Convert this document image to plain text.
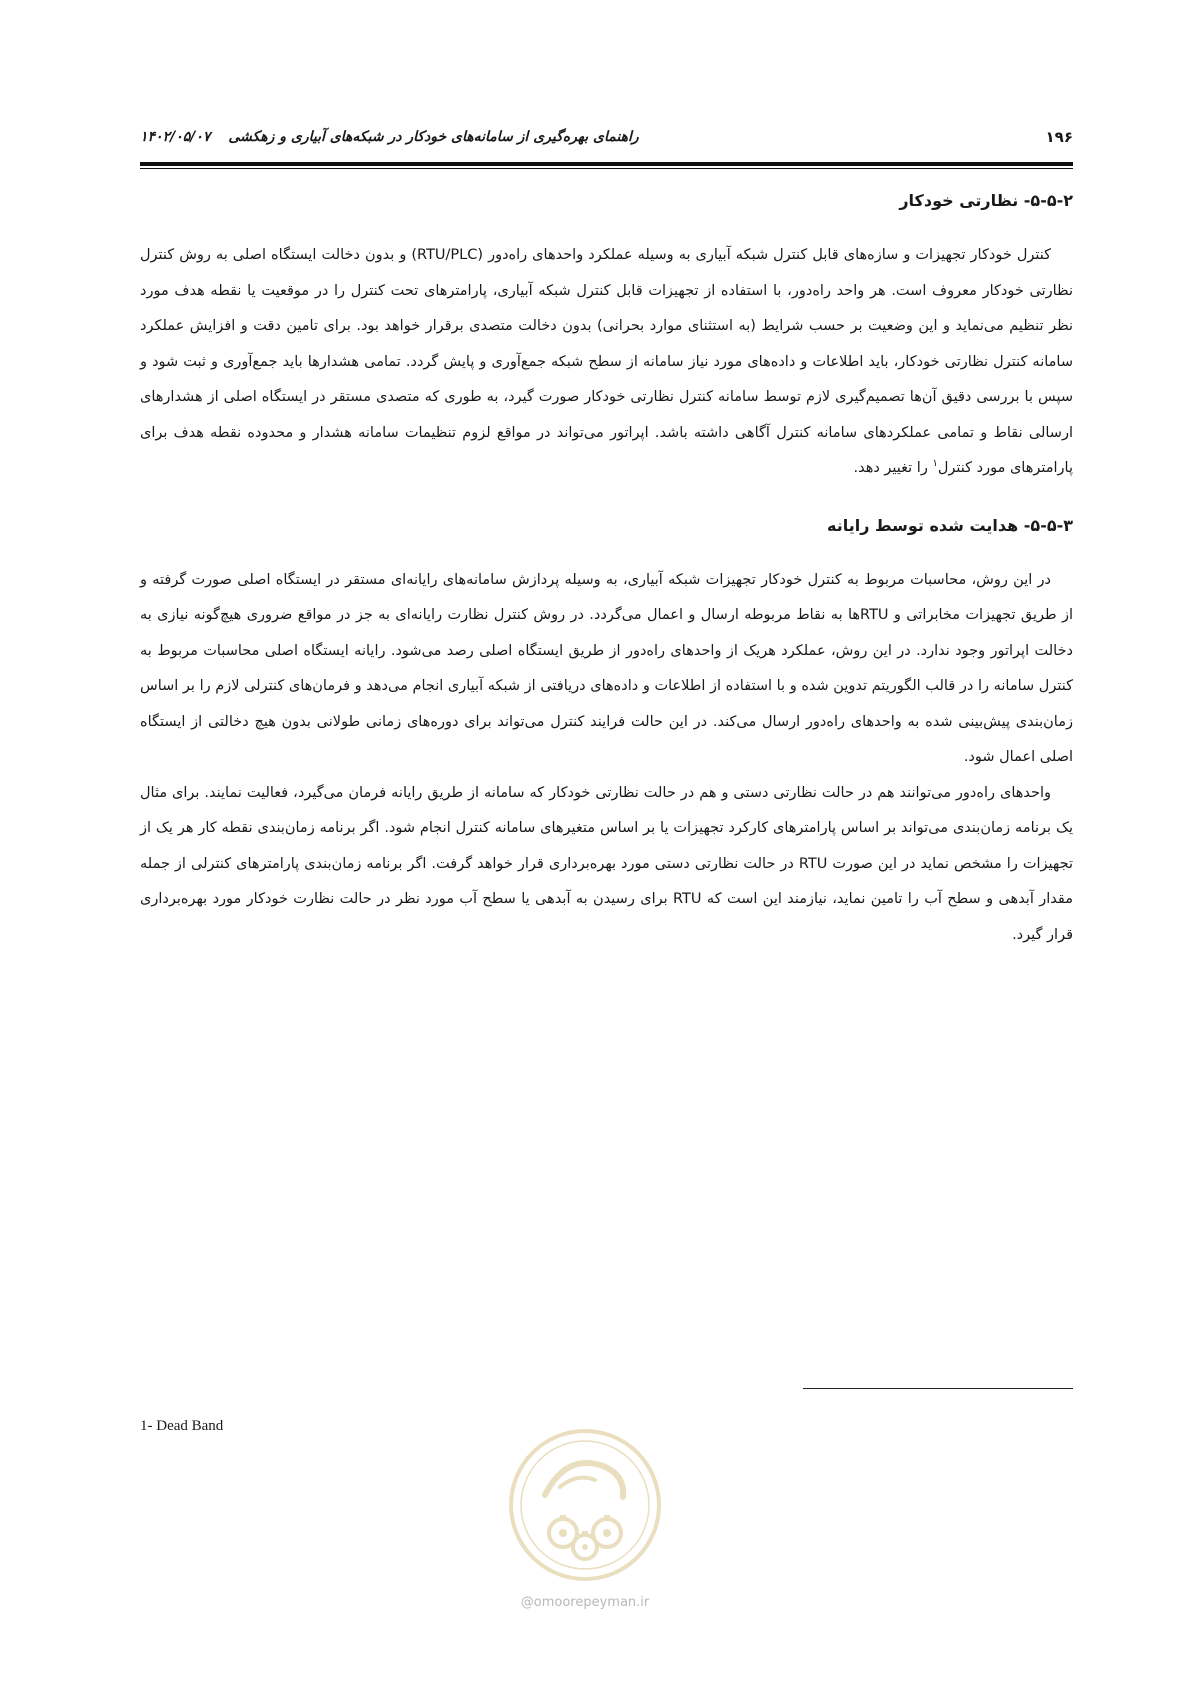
۱۹۶
راهنمای بهره‌گیری از سامانه‌های خودکار در شبکه‌های آبیاری و زهکشی
۱۴۰۲/۰۵/۰۷
۵-۵-۲- نظارتی خودکار

کنترل خودکار تجهیزات و سازه‌های قابل کنترل شبکه آبیاری به وسیله عملکرد واحدهای راه‌دور (RTU/PLC) و بدون دخالت ایستگاه اصلی به روش کنترل نظارتی خودکار معروف است. هر واحد راه‌دور، با استفاده از تجهیزات قابل کنترل شبکه آبیاری، پارامترهای تحت کنترل را در موقعیت یا نقطه هدف مورد نظر تنظیم می‌نماید و این وضعیت بر حسب شرایط (به استثنای موارد بحرانی) بدون دخالت متصدی برقرار خواهد بود. برای تامین دقت و افزایش عملکرد سامانه کنترل نظارتی خودکار، باید اطلاعات و داده‌های مورد نیاز سامانه از سطح شبکه جمع‌آوری و پایش گردد. تمامی هشدارها باید جمع‌آوری و ثبت شود و سپس با بررسی دقیق آن‌ها تصمیم‌گیری لازم توسط سامانه کنترل نظارتی خودکار صورت گیرد، به طوری که متصدی مستقر در ایستگاه اصلی از هشدارهای ارسالی نقاط و تمامی عملکردهای سامانه کنترل آگاهی داشته باشد. اپراتور می‌تواند در مواقع لزوم تنظیمات سامانه هشدار و محدوده نقطه هدف برای پارامترهای مورد کنترل$^۱$ را تغییر دهد.

۵-۵-۳- هدایت شده توسط رایانه

در این روش، محاسبات مربوط به کنترل خودکار تجهیزات شبکه آبیاری، به وسیله پردازش سامانه‌های رایانه‌ای مستقر در ایستگاه اصلی صورت گرفته و از طریق تجهیزات مخابراتی و RTUها به نقاط مربوطه ارسال و اعمال می‌گردد. در روش کنترل نظارت رایانه‌ای به جز در مواقع ضروری هیچ‌گونه نیازی به دخالت اپراتور وجود ندارد. در این روش، عملکرد هریک از واحدهای راه‌دور از طریق ایستگاه اصلی رصد می‌شود. رایانه ایستگاه اصلی محاسبات مربوط به کنترل سامانه را در قالب الگوریتم تدوین شده و با استفاده از اطلاعات و داده‌های دریافتی از شبکه آبیاری انجام می‌دهد و فرمان‌های کنترلی لازم را بر اساس زمان‌بندی پیش‌بینی شده به واحدهای راه‌دور ارسال می‌کند. در این حالت فرایند کنترل می‌تواند برای دوره‌های زمانی طولانی بدون هیچ دخالتی از ایستگاه اصلی اعمال شود.

واحدهای راه‌دور می‌توانند هم در حالت نظارتی دستی و هم در حالت نظارتی خودکار که سامانه از طریق رایانه فرمان می‌گیرد، فعالیت نمایند. برای مثال یک برنامه زمان‌بندی می‌تواند بر اساس پارامترهای کارکرد تجهیزات یا بر اساس متغیرهای سامانه کنترل انجام شود. اگر برنامه زمان‌بندی نقطه کار هر یک از تجهیزات را مشخص نماید در این صورت RTU در حالت نظارتی دستی مورد بهره‌برداری قرار خواهد گرفت. اگر برنامه زمان‌بندی پارامترهای کنترلی از جمله مقدار آبدهی و سطح آب را تامین نماید، نیازمند این است که RTU برای رسیدن به آبدهی یا سطح آب مورد نظر در حالت نظارت خودکار مورد بهره‌برداری قرار گیرد.

1- Dead Band
@omoorepeyman.ir
